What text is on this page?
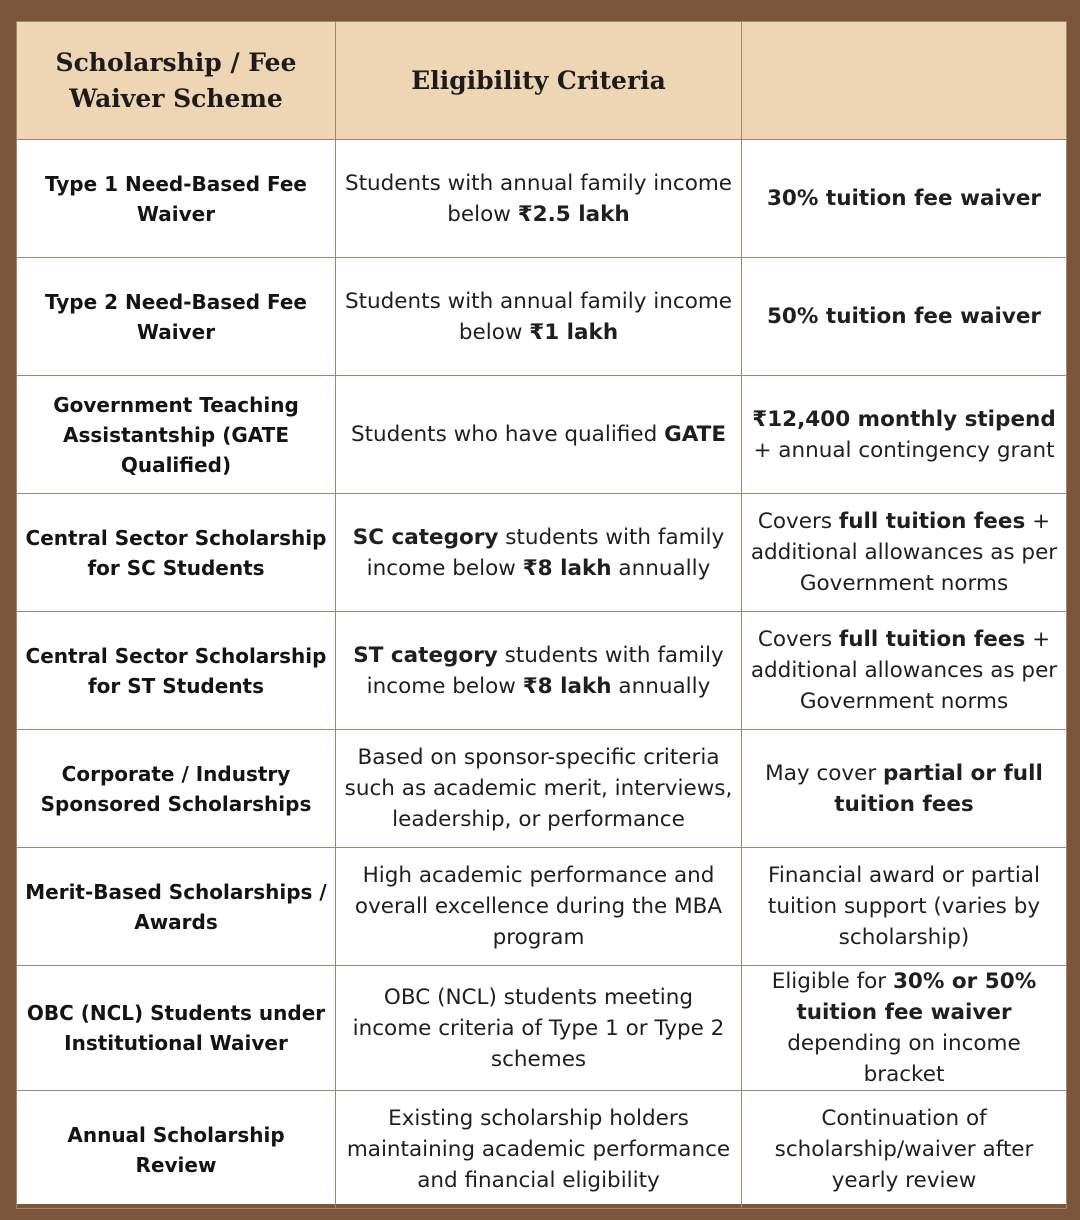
Scholarship / Fee Waiver Scheme	Eligibility Criteria	
Type 1 Need-Based Fee Waiver	Students with annual family income below ₹2.5 lakh	30% tuition fee waiver
Type 2 Need-Based Fee Waiver	Students with annual family income below ₹1 lakh	50% tuition fee waiver
Government Teaching Assistantship (GATE Qualified)	Students who have qualified GATE	₹12,400 monthly stipend + annual contingency grant
Central Sector Scholarship for SC Students	SC category students with family income below ₹8 lakh annually	Covers full tuition fees + additional allowances as per Government norms
Central Sector Scholarship for ST Students	ST category students with family income below ₹8 lakh annually	Covers full tuition fees + additional allowances as per Government norms
Corporate / Industry Sponsored Scholarships	Based on sponsor-specific criteria such as academic merit, interviews, leadership, or performance	May cover partial or full tuition fees
Merit-Based Scholarships / Awards	High academic performance and overall excellence during the MBA program	Financial award or partial tuition support (varies by scholarship)
OBC (NCL) Students under Institutional Waiver	OBC (NCL) students meeting income criteria of Type 1 or Type 2 schemes	Eligible for 30% or 50% tuition fee waiver depending on income bracket
Annual Scholarship Review	Existing scholarship holders maintaining academic performance and financial eligibility	Continuation of scholarship/waiver after yearly review
